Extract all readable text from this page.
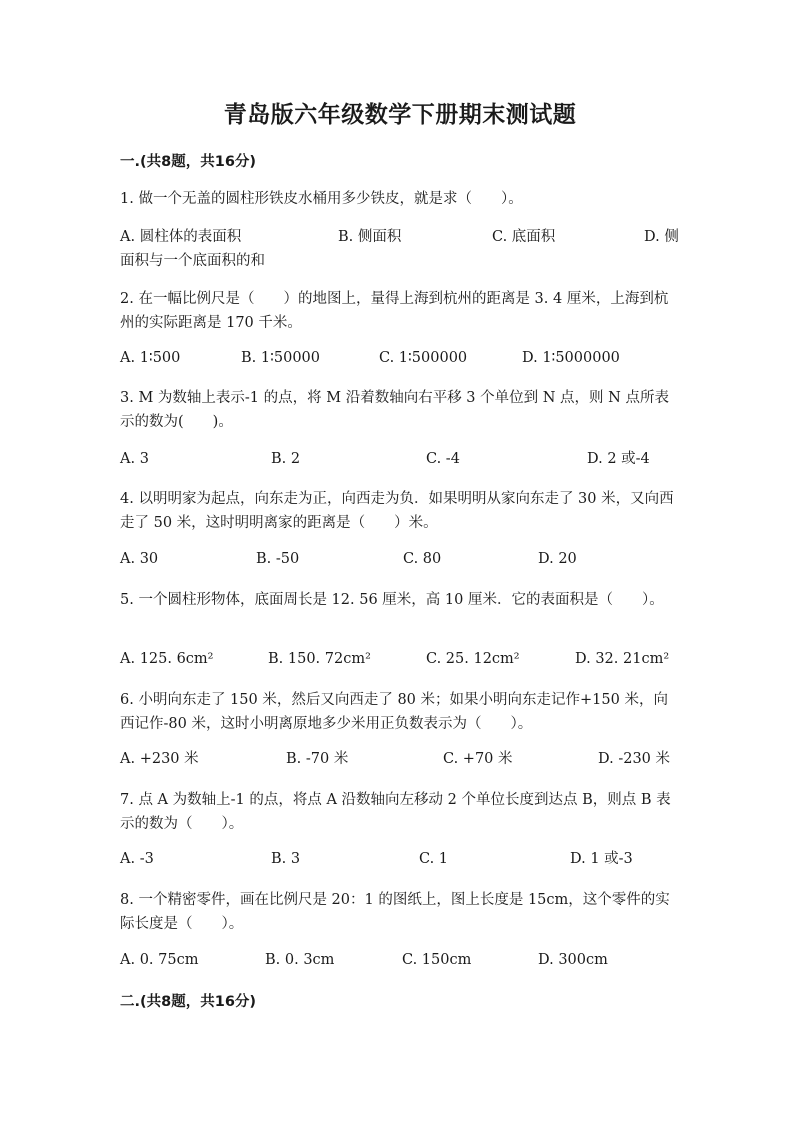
青岛版六年级数学下册期末测试题
一.(共8题，共16分)

1. 做一个无盖的圆柱形铁皮水桶用多少铁皮，就是求（　　）。

A. 圆柱体的表面积	B. 侧面积	C. 底面积	D. 侧面积与一个底面积的和

2. 在一幅比例尺是（　　）的地图上，量得上海到杭州的距离是 3. 4 厘米，上海到杭州的实际距离是 170 千米。

A. 1∶500	B. 1∶50000	C. 1∶500000	D. 1∶5000000

3. M 为数轴上表示-1 的点，将 M 沿着数轴向右平移 3 个单位到 N 点，则 N 点所表示的数为(　　)。

A. 3	B. 2	C. -4	D. 2 或-4

4. 以明明家为起点，向东走为正，向西走为负．如果明明从家向东走了 30 米，又向西走了 50 米，这时明明离家的距离是（　　）米。

A. 30	B. -50	C. 80	D. 20

5. 一个圆柱形物体，底面周长是 12. 56 厘米，高 10 厘米．它的表面积是（　　）。

A. 125. 6cm²	B. 150. 72cm²	C. 25. 12cm²	D. 32. 21cm²

6. 小明向东走了 150 米，然后又向西走了 80 米；如果小明向东走记作+150 米，向西记作-80 米，这时小明离原地多少米用正负数表示为（　　）。

A. +230 米	B. -70 米	C. +70 米	D. -230 米

7. 点 A 为数轴上-1 的点，将点 A 沿数轴向左移动 2 个单位长度到达点 B，则点 B 表示的数为（　　）。

A. -3	B. 3	C. 1	D. 1 或-3

8. 一个精密零件，画在比例尺是 20：1 的图纸上，图上长度是 15cm，这个零件的实际长度是（　　）。

A. 0. 75cm	B. 0. 3cm	C. 150cm	D. 300cm
二.(共8题，共16分)
